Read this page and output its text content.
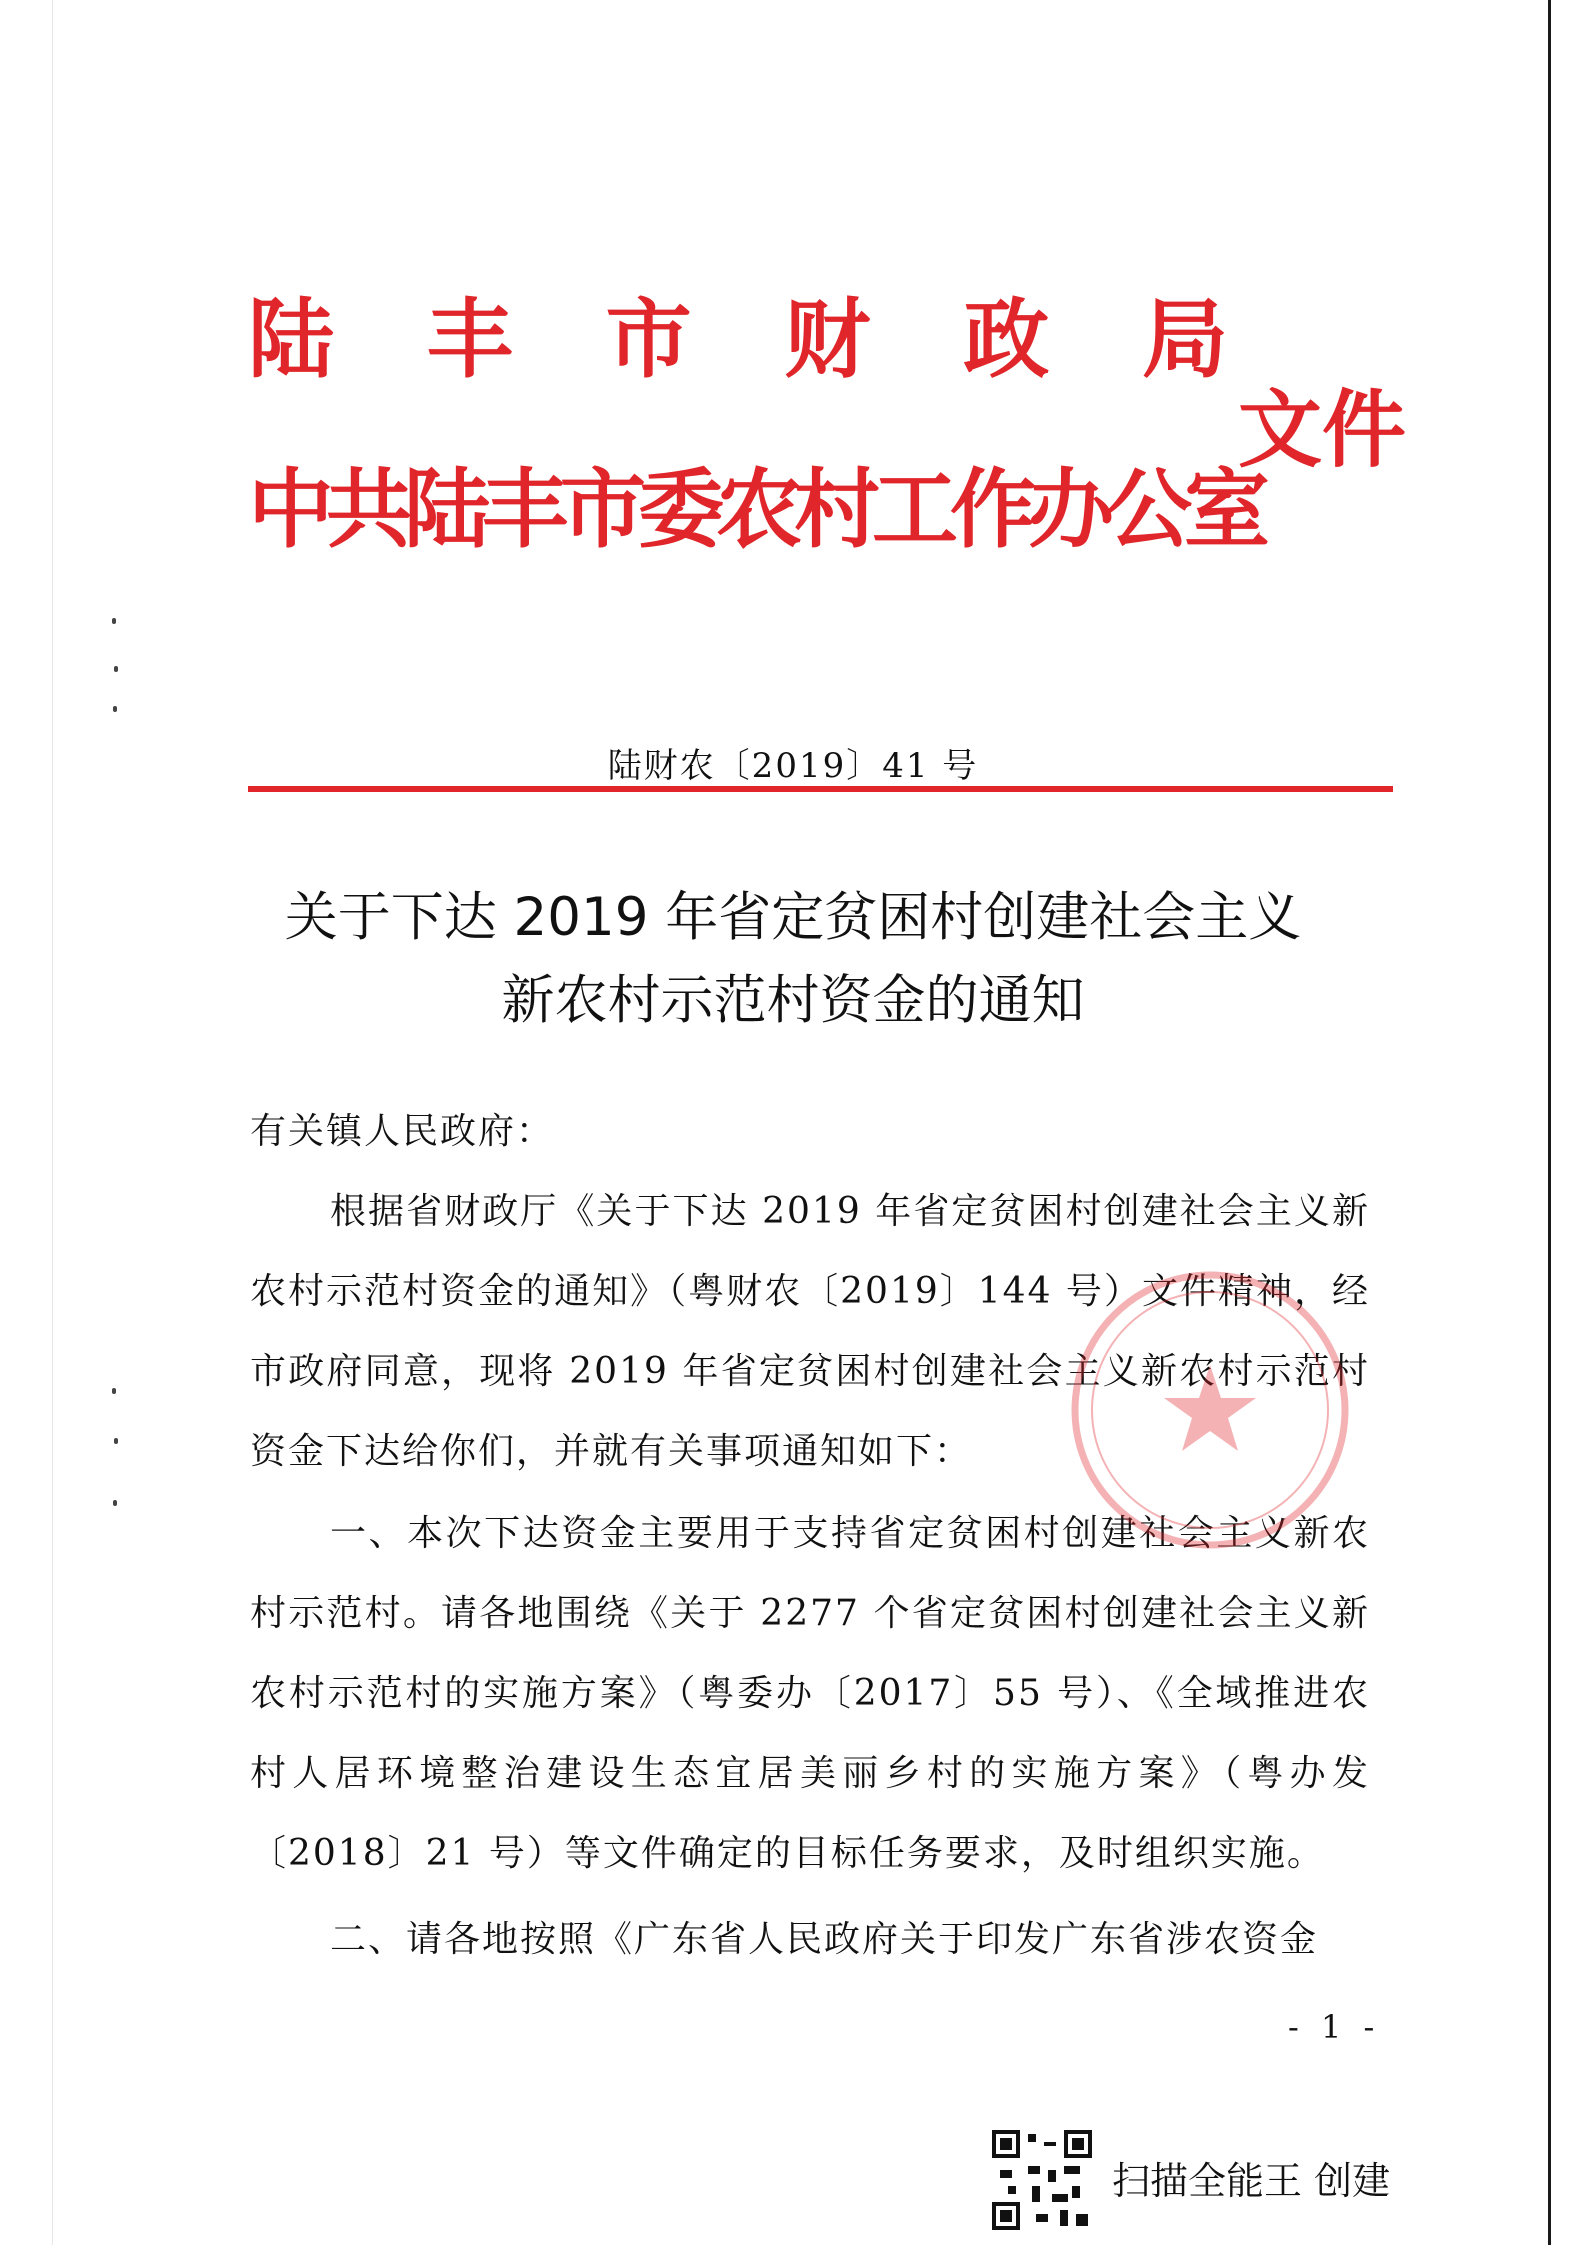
陆 丰 市 财 政 局
中共陆丰市委农村工作办公室
文件
陆财农〔2019〕41 号
关于下达 2019 年省定贫困村创建社会主义
新农村示范村资金的通知
有关镇人民政府：
根据省财政厅《关于下达 2019 年省定贫困村创建社会主义新农村示范村资金的通知》（粤财农〔2019〕144 号）文件精神，经市政府同意，现将 2019 年省定贫困村创建社会主义新农村示范村资金下达给你们，并就有关事项通知如下：
一、本次下达资金主要用于支持省定贫困村创建社会主义新农村示范村。请各地围绕《关于 2277 个省定贫困村创建社会主义新农村示范村的实施方案》（粤委办〔2017〕55 号）、《全域推进农村人居环境整治建设生态宜居美丽乡村的实施方案》（粤办发〔2018〕21 号）等文件确定的目标任务要求，及时组织实施。
二、请各地按照《广东省人民政府关于印发广东省涉农资金
- 1 -
扫描全能王 创建
